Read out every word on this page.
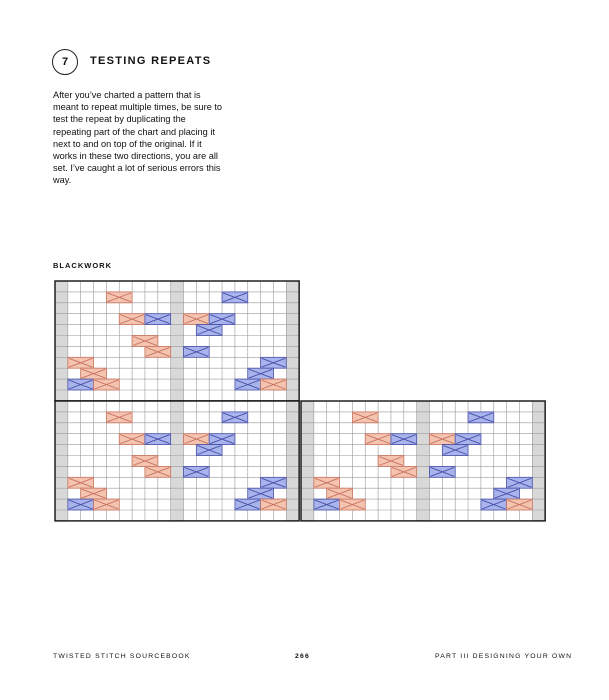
7 TESTING REPEATS

After you’ve charted a pattern that is meant to repeat multiple times, be sure to test the repeat by duplicating the repeating part of the chart and placing it next to and on top of the original. If it works in these two directions, you are all set. I’ve caught a lot of serious errors this way.

BLACKWORK
TWISTED STITCH SOURCEBOOK	266	PART III DESIGNING YOUR OWN
